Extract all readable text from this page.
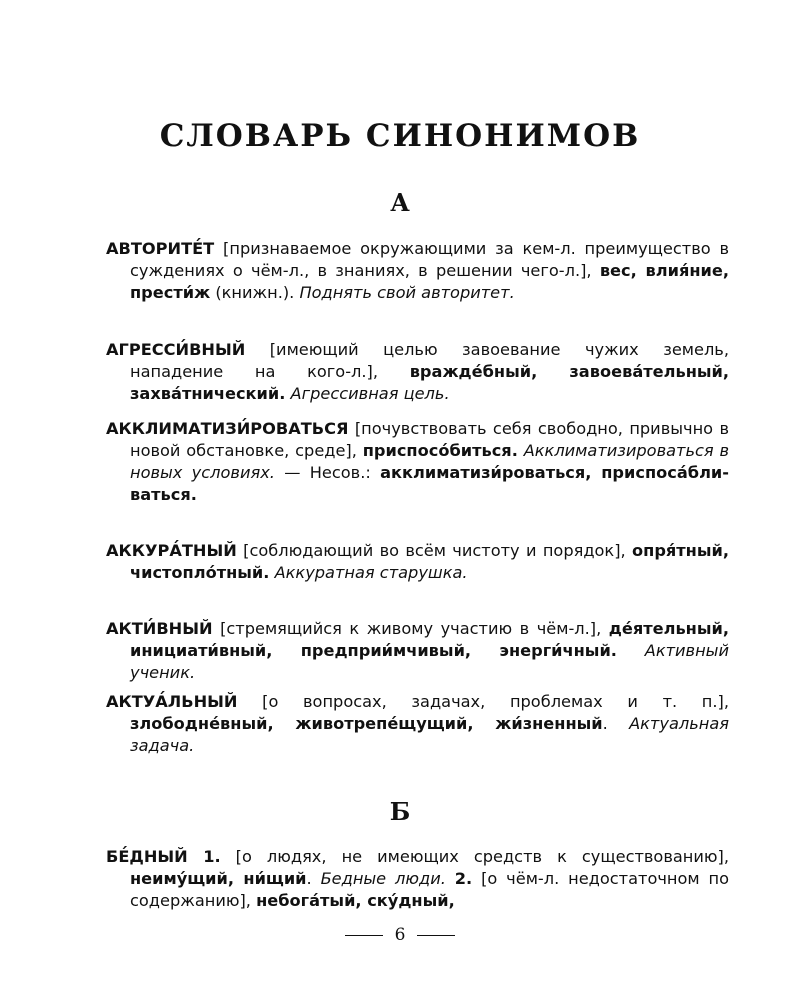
СЛОВАРЬ СИНОНИМОВ
А

АВТОРИТЕ́Т [признаваемое окружающими за кем-л. преимущество в суждениях о чём-л., в знаниях, в решении чего-л.], вес, влия́ние, прести́ж (книжн.). Поднять свой авторитет.

АГРЕССИ́ВНЫЙ [имеющий целью завоевание чужих земель, нападение на кого-л.], вражде́бный, завоева́тельный, захва́тнический. Агрессивная цель.

АККЛИМАТИЗИ́РОВАТЬСЯ [почувствовать себя свободно, привычно в новой обстановке, среде], приспосо́биться. Акклиматизироваться в новых условиях. — Несов.: акклиматизи́роваться, приспоса́бливаться.

АККУРА́ТНЫЙ [соблюдающий во всём чистоту и порядок], опря́тный, чистопло́тный. Аккуратная старушка.

АКТИ́ВНЫЙ [стремящийся к живому участию в чём-л.], де́ятельный, инициати́вный, предприи́мчивый, энерги́чный. Активный ученик.

АКТУА́ЛЬНЫЙ [о вопросах, задачах, проблемах и т. п.], злободне́вный, животрепе́щущий, жи́зненный. Актуальная задача.

Б

БЕ́ДНЫЙ 1. [о людях, не имеющих средств к существованию], неиму́щий, ни́щий. Бедные люди. 2. [о чём-л. недостаточном по содержанию], небога́тый, ску́дный,

6
